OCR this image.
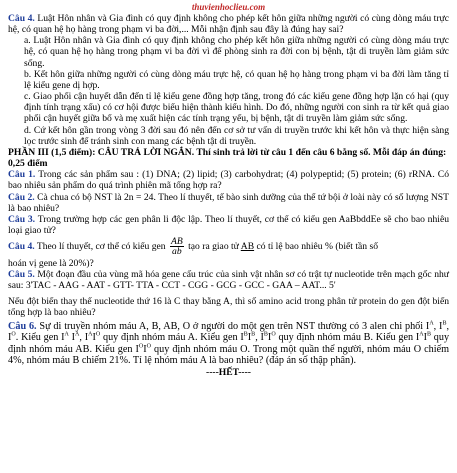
thuvienhoclieu.com

Câu 4. Luật Hôn nhân và Gia đình có quy định không cho phép kết hôn giữa những người có cùng dòng máu trực hệ, có quan hệ họ hàng trong phạm vi ba đời,... Mỗi nhận định sau đây là đúng hay sai?

a. Luật Hôn nhân và Gia đình có quy định không cho phép kết hôn giữa những người có cùng dòng máu trực hệ, có quan hệ họ hàng trong phạm vi ba đời vì để phòng sinh ra đời con bị bệnh, tật di truyền làm giảm sức sống.

b. Kết hôn giữa những người có cùng dòng máu trực hệ, có quan hệ họ hàng trong phạm vi ba đời làm tăng tỉ lệ kiểu gene dị hợp.

c. Giao phối cận huyết dẫn đến tỉ lệ kiểu gene đồng hợp tăng, trong đó các kiểu gene đồng hợp lặn có hại (quy định tính trạng xấu) có cơ hội được biểu hiện thành kiểu hình. Do đó, những người con sinh ra từ kết quả giao phối cận huyết giữa bố và mẹ xuất hiện các tính trạng yếu, bị bệnh, tật di truyền làm giảm sức sống.

d. Cứ kết hôn gần trong vòng 3 đời sau đó nên đến cơ sở tư vấn di truyền trước khi kết hôn và thực hiện sàng lọc trước sinh để tránh sinh con mang các bệnh tật di truyền.

PHẦN III (1,5 điểm): CÂU TRẢ LỜI NGẮN. Thí sinh trả lời từ câu 1 đến câu 6 bằng số. Mỗi đáp án đúng: 0,25 điểm

Câu 1. Trong các sản phẩm sau : (1) DNA; (2) lipid; (3) carbohydrat; (4) polypeptid; (5) protein; (6) rRNA. Có bao nhiêu sản phẩm do quá trình phiên mã tổng hợp ra?

Câu 2. Cà chua có bộ NST là 2n = 24. Theo lí thuyết, tế bào sinh dưỡng của thể tứ bội ở loài này có số lượng NST là bao nhiêu?

Câu 3. Trong trường hợp các gen phân li độc lập. Theo lí thuyết, cơ thể có kiểu gen AaBbddEe sẽ cho bao nhiêu loại giao tử?

Câu 4. Theo lí thuyết, cơ thể có kiểu gen $\frac{AB}{ab}$ tạo ra giao tử AB có tỉ lệ bao nhiêu % (biết tần số

hoán vị gene là 20%)?

Câu 5. Một đoạn đầu của vùng mã hóa gene cấu trúc của sinh vật nhân sơ có trật tự nucleotide trên mạch gốc như sau: 3'TAC - AAG - AAT - GTT- TTA - CCT - CGG - GCG - GCC - GAA – AAT... 5'

Nếu đột biến thay thế nucleotide thứ 16 là C thay bằng A, thì số amino acid trong phân tử protein do gen đột biến tổng hợp là bao nhiêu?

Câu 6. Sự di truyền nhóm máu A, B, AB, O ở người do một gen trên NST thường có 3 alen chi phối $I^A$, $I^B$, $I^O$. Kiểu gen $I^A$ $I^A$, $I^AI^O$ quy định nhóm máu A. Kiểu gen $I^BI^B$, $I^BI^O$ quy định nhóm máu B. Kiểu gen $I^AI^B$ quy định nhóm máu AB. Kiểu gen $I^OI^O$ quy định nhóm máu O. Trong một quần thể người, nhóm máu O chiếm 4%, nhóm máu B chiếm 21%. Tỉ lệ nhóm máu A là bao nhiêu? (đáp án số thập phân).

----HẾT----
